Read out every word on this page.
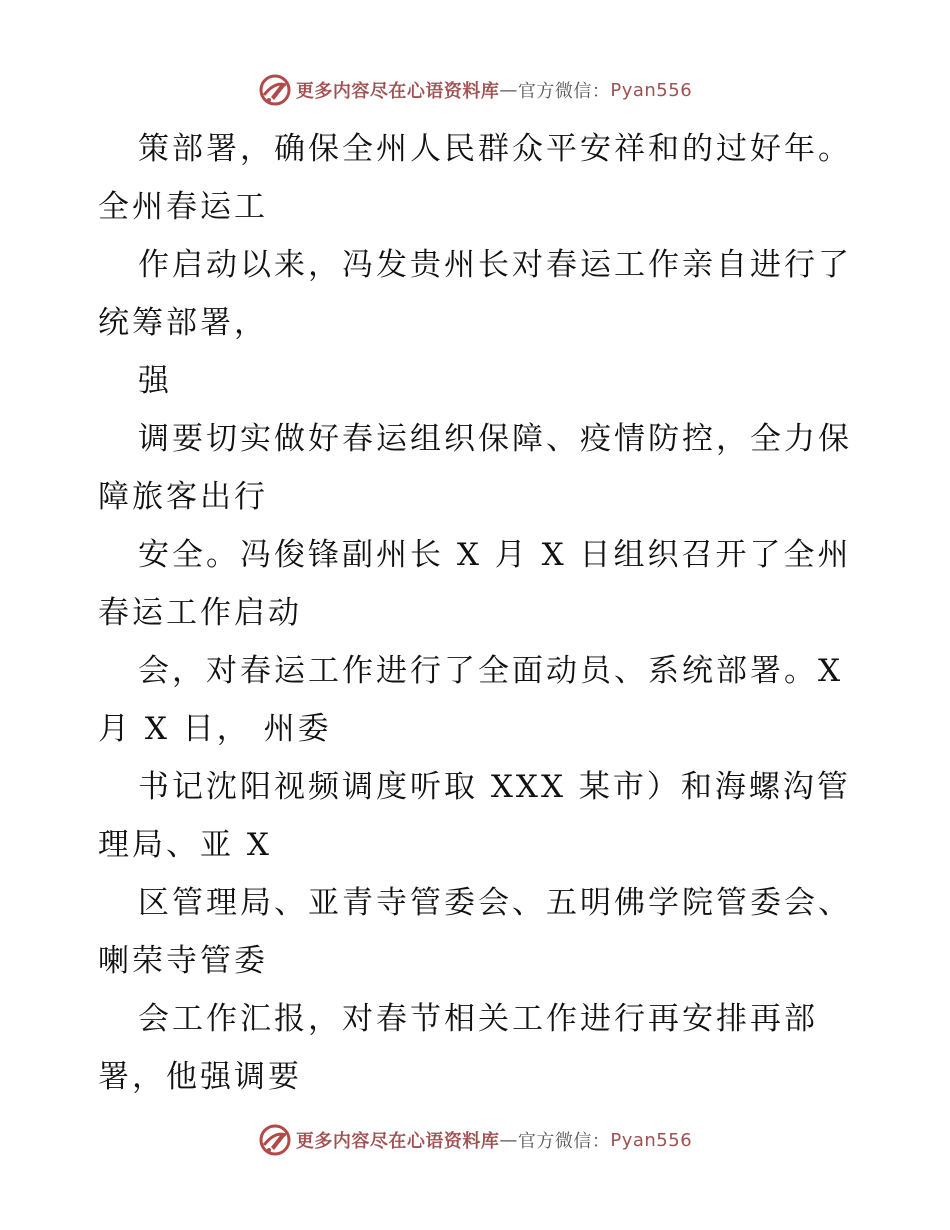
更多内容尽在心语资料库 — 官方微信： Pyan556
策部署，确保全州人民群众平安祥和的过好年。
全州春运工
作启动以来，冯发贵州长对春运工作亲自进行了
统筹部署，
强
调要切实做好春运组织保障、疫情防控，全力保
障旅客出行
安全。冯俊锋副州长 X 月 X 日组织召开了全州
春运工作启动
会，对春运工作进行了全面动员、系统部署。X
月 X 日， 州委
书记沈阳视频调度听取 XXX 某市）和海螺沟管
理局、亚 X
区管理局、亚青寺管委会、五明佛学院管委会、
喇荣寺管委
会工作汇报，对春节相关工作进行再安排再部
署，他强调要
更多内容尽在心语资料库 — 官方微信： Pyan556
